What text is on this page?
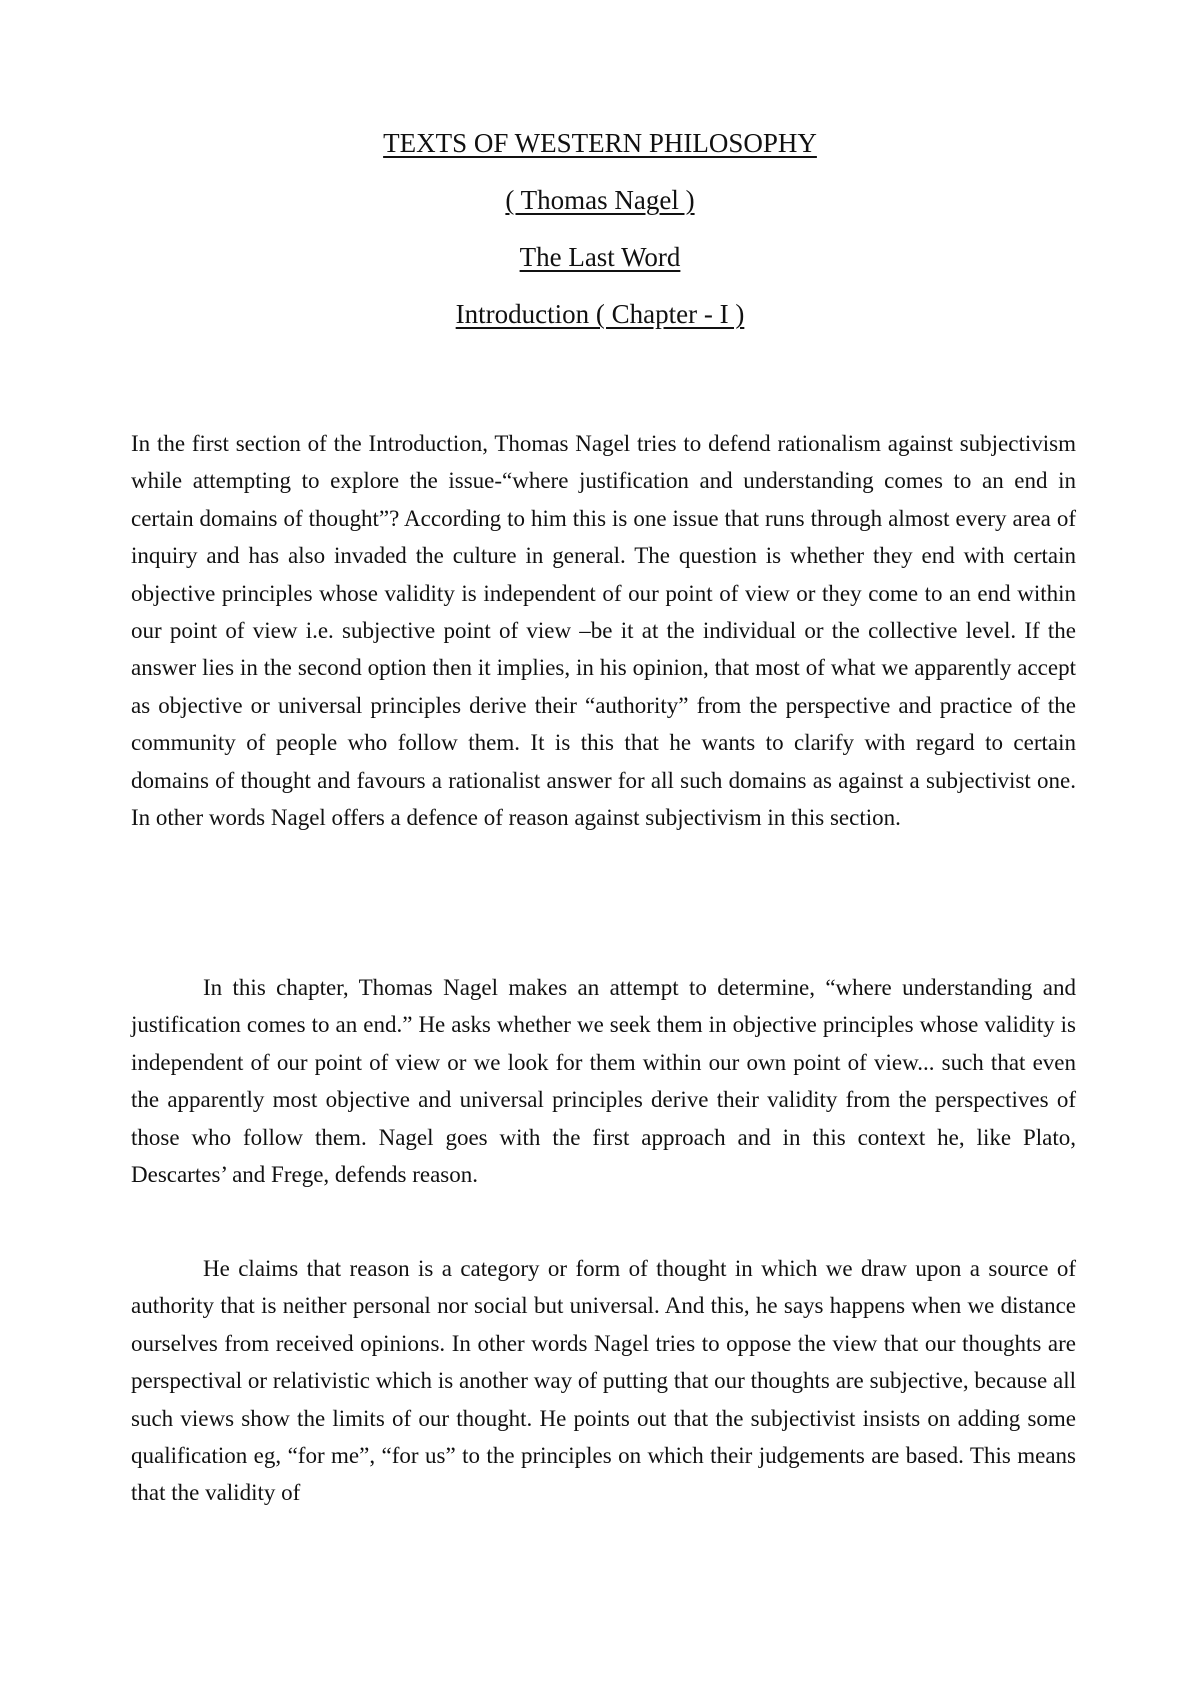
TEXTS OF WESTERN PHILOSOPHY

( Thomas Nagel )

The Last Word

Introduction ( Chapter - I )

In the first section of the Introduction, Thomas Nagel tries to defend rationalism against subjectivism while attempting to explore the issue-“where justification and understanding comes to an end in certain domains of thought”? According to him this is one issue that runs through almost every area of inquiry and has also invaded the culture in general. The question is whether they end with certain objective principles whose validity is independent of our point of view or they come to an end within our point of view i.e. subjective point of view –be it at the individual or the collective level. If the answer lies in the second option then it implies, in his opinion, that most of what we apparently accept as objective or universal principles derive their “authority” from the perspective and practice of the community of people who follow them. It is this that he wants to clarify with regard to certain domains of thought and favours a rationalist answer for all such domains as against a subjectivist one. In other words Nagel offers a defence of reason against subjectivism in this section.

In this chapter, Thomas Nagel makes an attempt to determine, “where understanding and justification comes to an end.” He asks whether we seek them in objective principles whose validity is independent of our point of view or we look for them within our own point of view... such that even the apparently most objective and universal principles derive their validity from the perspectives of those who follow them. Nagel goes with the first approach and in this context he, like Plato, Descartes’ and Frege, defends reason.

He claims that reason is a category or form of thought in which we draw upon a source of authority that is neither personal nor social but universal. And this, he says happens when we distance ourselves from received opinions. In other words Nagel tries to oppose the view that our thoughts are perspectival or relativistic which is another way of putting that our thoughts are subjective, because all such views show the limits of our thought. He points out that the subjectivist insists on adding some qualification eg, “for me”, “for us” to the principles on which their judgements are based. This means that the validity of
